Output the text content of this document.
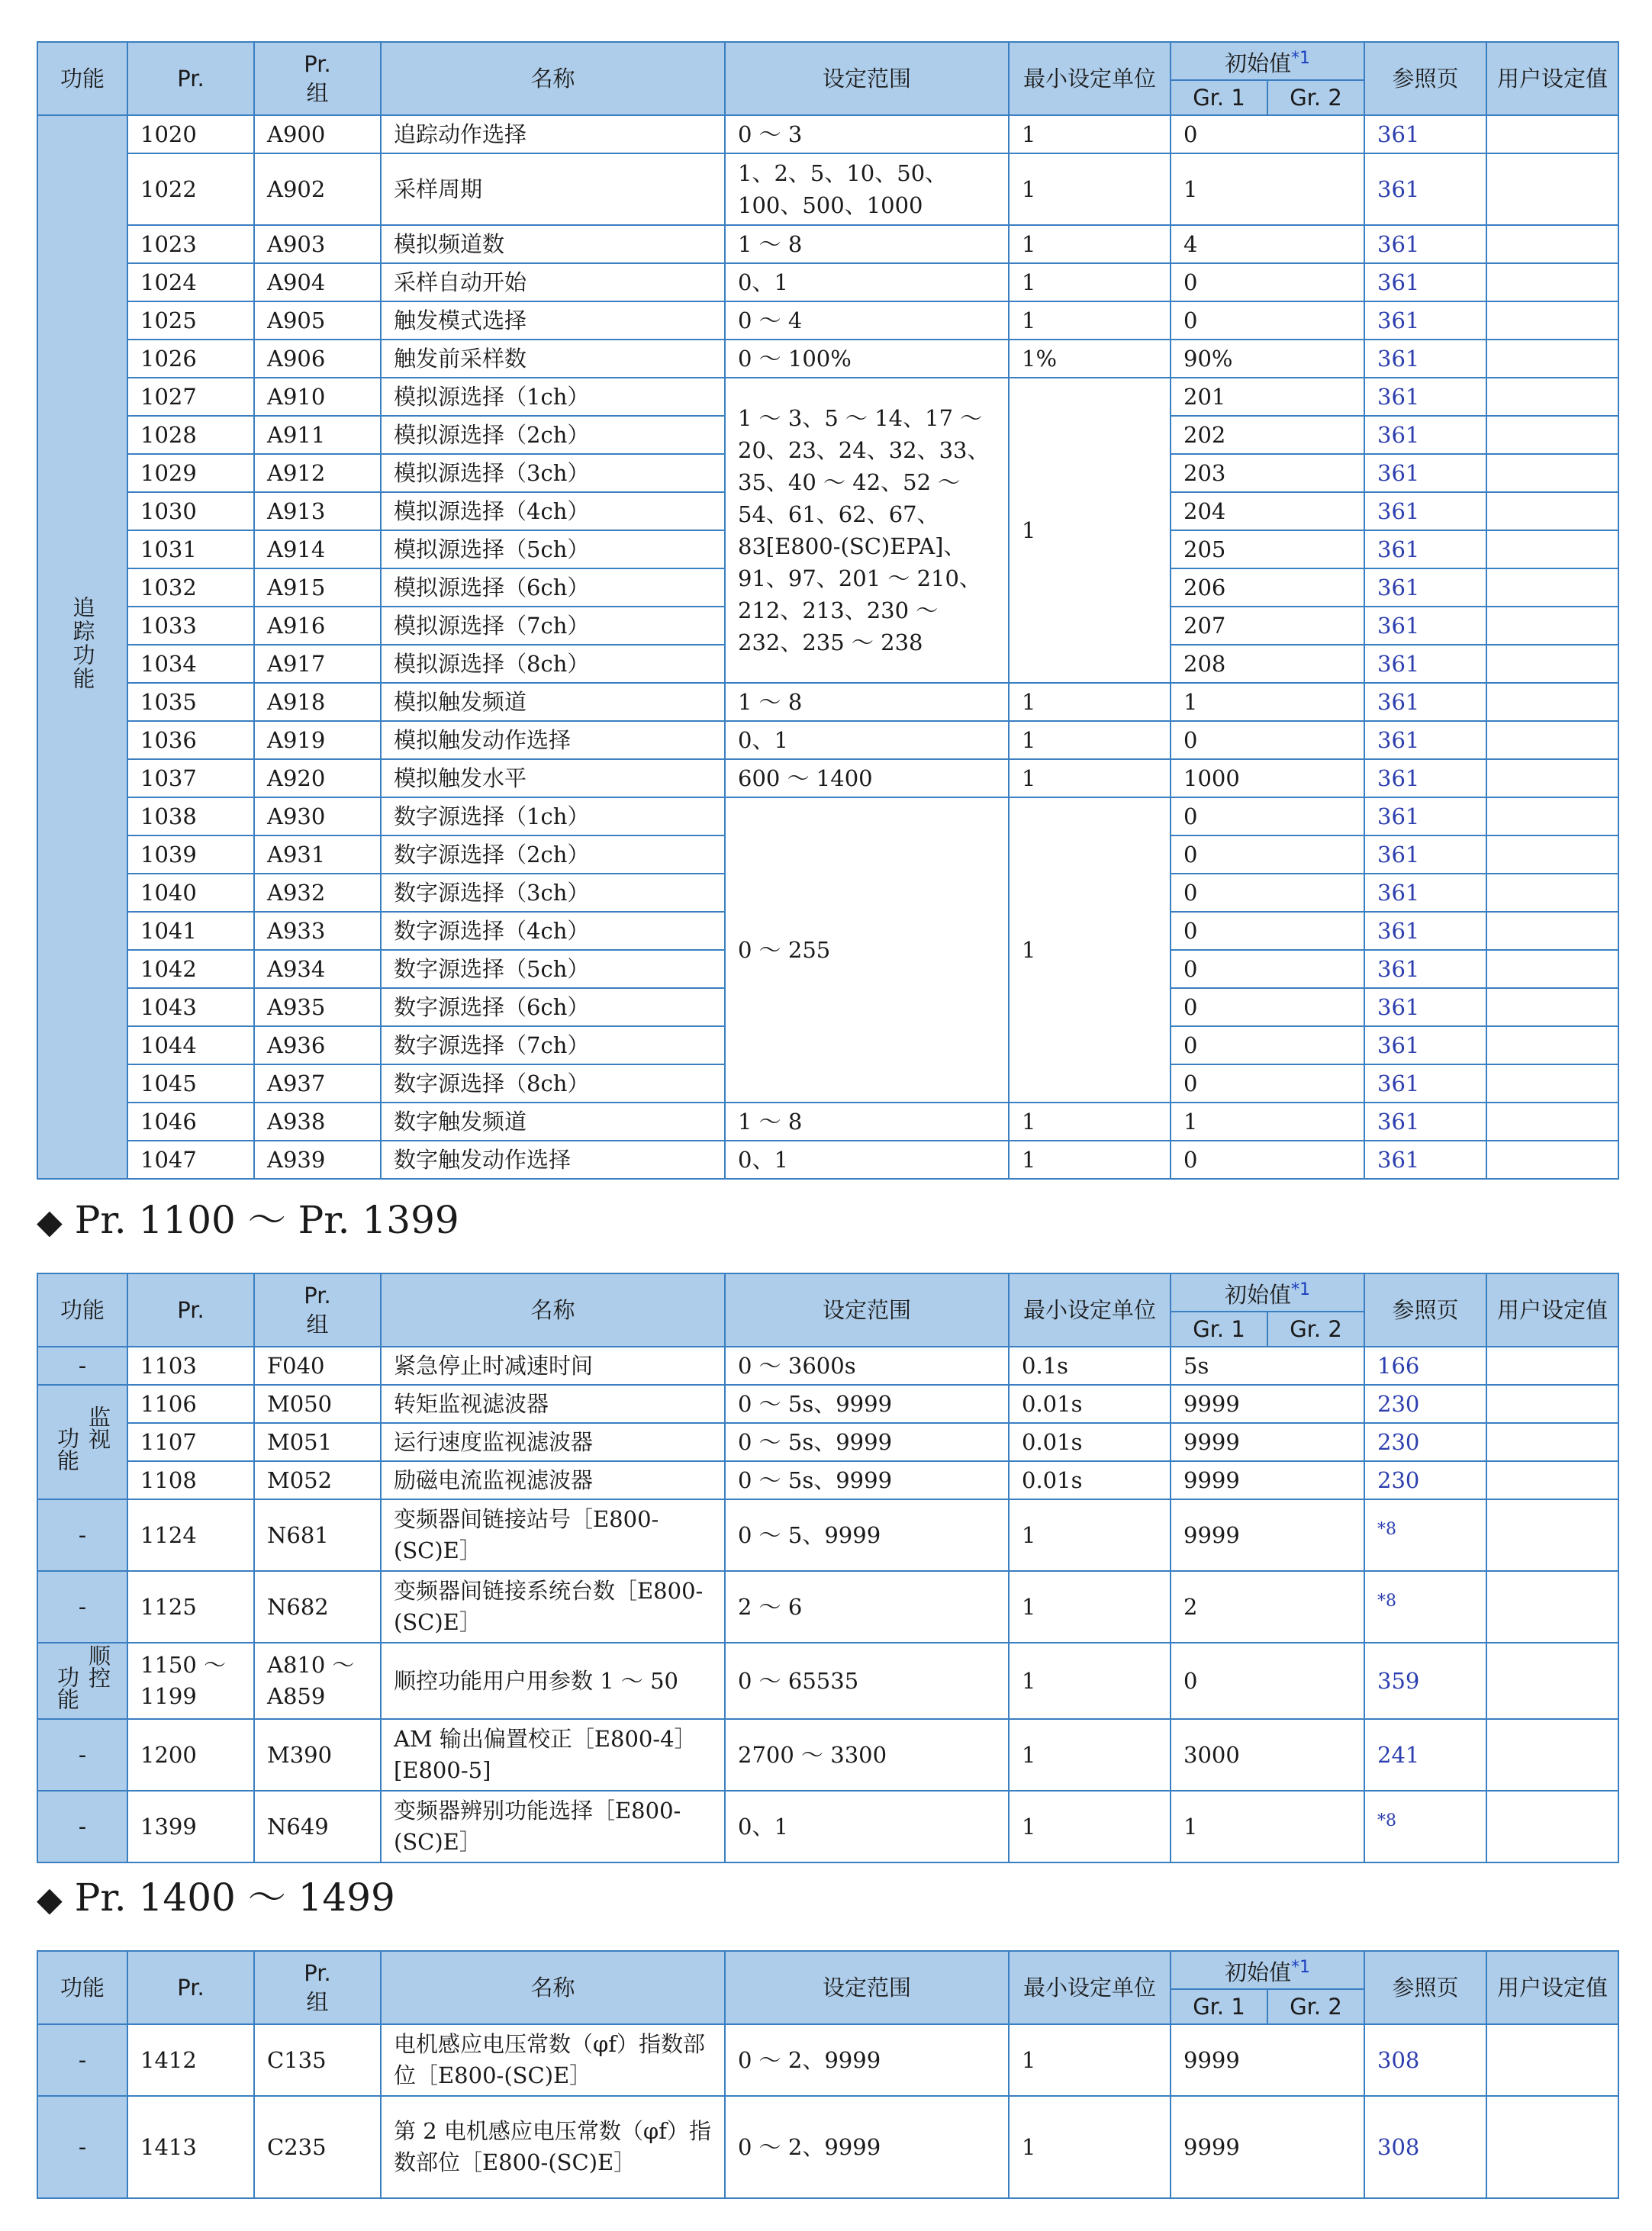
功能	Pr.	Pr.
组	名称	设定范围	最小设定单位	初始值$^{*1}$		参照页	用户设定值
						Gr. 1	Gr. 2		
追踪功能	1020	A900	追踪动作选择	0 ～ 3	1	0		361	
	1022	A902	采样周期	1、2、5、10、50、100、500、1000	1	1		361	
	1023	A903	模拟频道数	1 ～ 8	1	4		361	
	1024	A904	采样自动开始	0、1	1	0		361	
	1025	A905	触发模式选择	0 ～ 4	1	0		361	
	1026	A906	触发前采样数	0 ～ 100%	1%	90%		361	
	1027	A910	模拟源选择（1ch）	1 ～ 3、5 ～ 14、17 ～ 20、23、24、32、33、35、40 ～ 42、52 ～ 54、61、62、67、83[E800-(SC)EPA]、91、97、201 ～ 210、212、213、230 ～ 232、235 ～ 238	1	201		361	
	1028	A911	模拟源选择（2ch）			202		361	
	1029	A912	模拟源选择（3ch）			203		361	
	1030	A913	模拟源选择（4ch）			204		361	
	1031	A914	模拟源选择（5ch）			205		361	
	1032	A915	模拟源选择（6ch）			206		361	
	1033	A916	模拟源选择（7ch）			207		361	
	1034	A917	模拟源选择（8ch）			208		361	
	1035	A918	模拟触发频道	1 ～ 8	1	1		361	
	1036	A919	模拟触发动作选择	0、1	1	0		361	
	1037	A920	模拟触发水平	600 ～ 1400	1	1000		361	
	1038	A930	数字源选择（1ch）	0 ～ 255	1	0		361	
	1039	A931	数字源选择（2ch）			0		361	
	1040	A932	数字源选择（3ch）			0		361	
	1041	A933	数字源选择（4ch）			0		361	
	1042	A934	数字源选择（5ch）			0		361	
	1043	A935	数字源选择（6ch）			0		361	
	1044	A936	数字源选择（7ch）			0		361	
	1045	A937	数字源选择（8ch）			0		361	
	1046	A938	数字触发频道	1 ～ 8	1	1		361	
	1047	A939	数字触发动作选择	0、1	1	0		361	
◆ Pr. 1100 ～ Pr. 1399
功能	Pr.	Pr.
组	名称	设定范围	最小设定单位	初始值$^{*1}$		参照页	用户设定值
						Gr. 1	Gr. 2		
-	1103	F040	紧急停止时减速时间	0 ～ 3600s	0.1s	5s		166	

监视
功能	1106	M050	转矩监视滤波器	0 ～ 5s、9999	0.01s	9999		230	
	1107	M051	运行速度监视滤波器	0 ～ 5s、9999	0.01s	9999		230	
	1108	M052	励磁电流监视滤波器	0 ～ 5s、9999	0.01s	9999		230	
-	1124	N681	变频器间链接站号［E800-(SC)E］	0 ～ 5、9999	1	9999		*8	
-	1125	N682	变频器间链接系统台数［E800-(SC)E］	2 ～ 6	1	2		*8	

顺控
功能	1150 ～ 1199	A810 ～ A859	顺控功能用户用参数 1 ～ 50	0 ～ 65535	1	0		359	
-	1200	M390	AM 输出偏置校正［E800-4］[E800-5]	2700 ～ 3300	1	3000		241	
-	1399	N649	变频器辨别功能选择［E800-(SC)E］	0、1	1	1		*8	
◆ Pr. 1400 ～ 1499
功能	Pr.	Pr.
组	名称	设定范围	最小设定单位	初始值$^{*1}$		参照页	用户设定值
						Gr. 1	Gr. 2		
-	1412	C135	电机感应电压常数（φf）指数部位［E800-(SC)E］	0 ～ 2、9999	1	9999		308	
-	1413	C235	第 2 电机感应电压常数（φf）指数部位［E800-(SC)E］	0 ～ 2、9999	1	9999		308	
